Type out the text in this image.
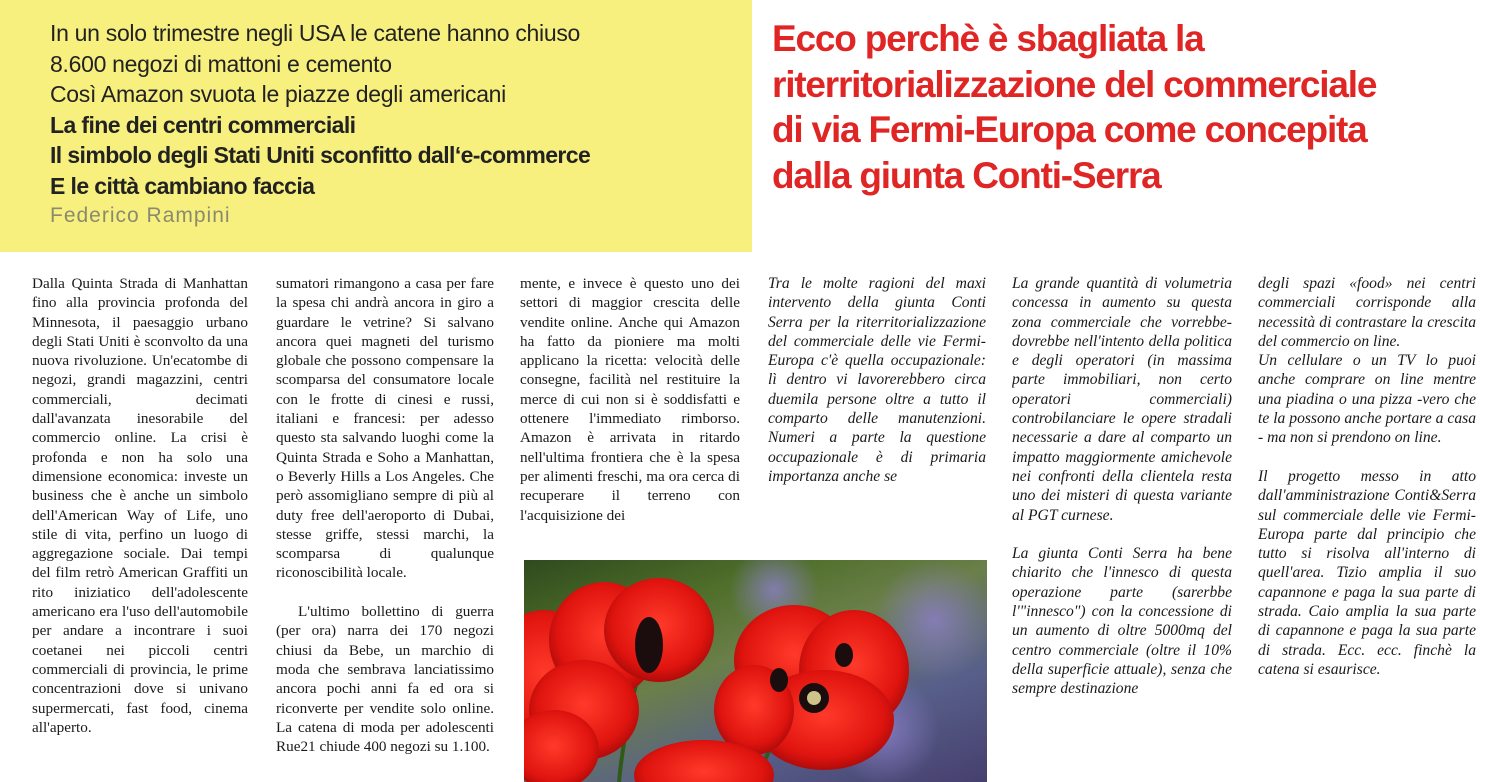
In un solo trimestre negli USA le catene hanno chiuso
8.600 negozi di mattoni e cemento
Così Amazon svuota le piazze degli americani
La fine dei centri commerciali
Il simbolo degli Stati Uniti sconfitto dall‘e-commerce
E le città cambiano faccia
Federico Rampini
Ecco perchè è sbagliata la
riterritorializzazione del commerciale
di via Fermi-Europa come concepita
dalla giunta Conti-Serra

Dalla Quinta Strada di Manhattan fino alla provincia profonda del Minnesota, il paesaggio urbano degli Stati Uniti è sconvolto da una nuova rivoluzione. Un'ecatombe di negozi, grandi magazzini, centri commerciali, decimati dall'avanzata inesorabile del commercio online. La crisi è profonda e non ha solo una dimensione economica: investe un business che è anche un simbolo dell'American Way of Life, uno stile di vita, perfino un luogo di aggregazione sociale. Dai tempi del film retrò American Graffiti un rito iniziatico dell'adolescente americano era l'uso dell'automobile per andare a incontrare i suoi coetanei nei piccoli centri commerciali di provincia, le prime concentrazioni dove si univano supermercati, fast food, cinema all'aperto.

sumatori rimangono a casa per fare la spesa chi andrà ancora in giro a guardare le vetrine? Si salvano ancora quei magneti del turismo globale che possono compensare la scomparsa del consumatore locale con le frotte di cinesi e russi, italiani e francesi: per adesso questo sta salvando luoghi come la Quinta Strada e Soho a Manhattan, o Beverly Hills a Los Angeles. Che però assomigliano sempre di più al duty free dell'aeroporto di Dubai, stesse griffe, stessi marchi, la scomparsa di qualunque riconoscibilità locale.

L'ultimo bollettino di guerra (per ora) narra dei 170 negozi chiusi da Bebe, un marchio di moda che sembrava lanciatissimo ancora pochi anni fa ed ora si riconverte per vendite solo online. La catena di moda per adolescenti Rue21 chiude 400 negozi su 1.100.

mente, e invece è questo uno dei settori di maggior crescita delle vendite online. Anche qui Amazon ha fatto da pioniere ma molti applicano la ricetta: velocità delle consegne, facilità nel restituire la merce di cui non si è soddisfatti e ottenere l'immediato rimborso. Amazon è arrivata in ritardo nell'ultima frontiera che è la spesa per alimenti freschi, ma ora cerca di recuperare il terreno con l'acquisizione dei

Tra le molte ragioni del maxi intervento della giunta Conti Serra per la riterritorializzazione del commerciale delle vie Fermi-Europa c'è quella occupazionale: lì dentro vi lavorerebbero circa duemila persone oltre a tutto il comparto delle manutenzioni. Numeri a parte la questione occupazionale è di primaria importanza anche se

La grande quantità di volumetria concessa in aumento su questa zona commerciale che vorrebbe- dovrebbe nell'intento della politica e degli operatori (in massima parte immobiliari, non certo operatori commerciali) controbilanciare le opere stradali necessarie a dare al comparto un impatto maggiormente amichevole nei confronti della clientela resta uno dei misteri di questa variante al PGT curnese.

La giunta Conti Serra ha bene chiarito che l'innesco di questa operazione parte (sarerbbe l'"innesco") con la concessione di un aumento di oltre 5000mq del centro commerciale (oltre il 10% della superficie attuale), senza che sempre destinazione

degli spazi «food» nei centri commerciali corrisponde alla necessità di contrastare la crescita del commercio on line.

Un cellulare o un TV lo puoi anche comprare on line mentre una piadina o una pizza -vero che te la possono anche portare a casa - ma non si prendono on line.

Il progetto messo in atto dall'amministrazione Conti&Serra sul commerciale delle vie Fermi-Europa parte dal principio che tutto si risolva all'interno di quell'area. Tizio amplia il suo capannone e paga la sua parte di strada. Caio amplia la sua parte di capannone e paga la sua parte di strada. Ecc. ecc. finchè la catena si esaurisce.
